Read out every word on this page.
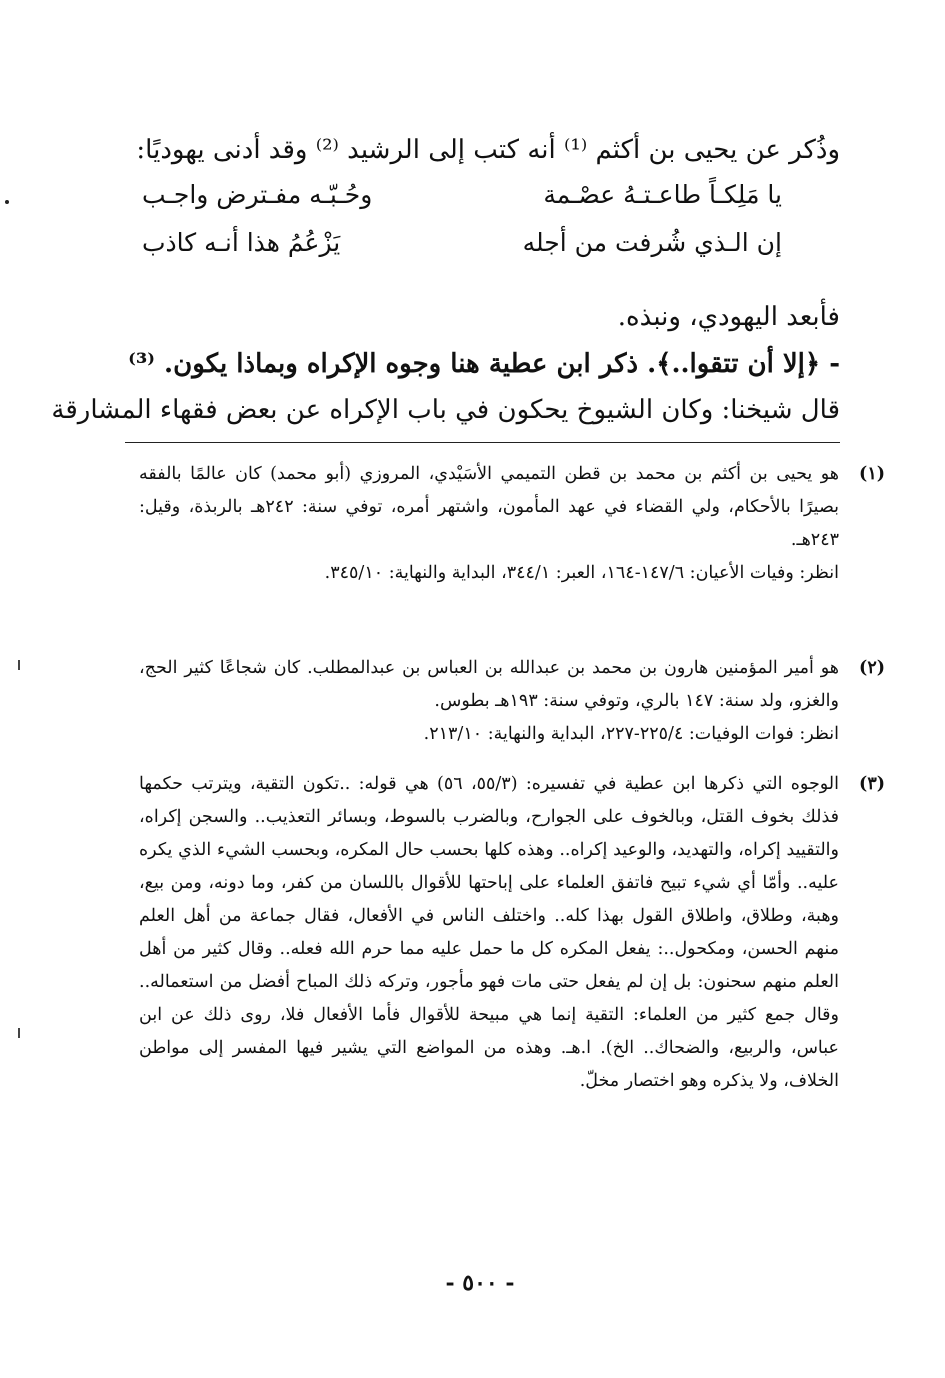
وذُكر عن يحيى بن أكثم ⁽¹⁾ أنه كتب إلى الرشيد ⁽²⁾ وقد أدنى يهوديًا:
يا مَلِكـاً طاعـتـهُ عصْـمة
وحُـبّـه مفـترض واجـب
إن الـذي شُرفت من أجله
يَزْعُمُ هذا أنـه كاذب
فأبعد اليهودي، ونبذه.
- ﴿إلا أن تتقوا..﴾. ذكر ابن عطية هنا وجوه الإكراه وبماذا يكون. ⁽³⁾
قال شيخنا: وكان الشيوخ يحكون في باب الإكراه عن بعض فقهاء المشارقة
(١)

هو يحيى بن أكثم بن محمد بن قطن التميمي الأسَيْدي، المروزي (أبو محمد) كان عالمًا بالفقه بصيرًا بالأحكام، ولي القضاء في عهد المأمون، واشتهر أمره، توفي سنة: ٢٤٢هـ بالربذة، وقيل: ٢٤٣هـ.

انظر: وفيات الأعيان: ١٤٧/٦-١٦٤، العبر: ٣٤٤/١، البداية والنهاية: ٣٤٥/١٠.

(٢)

هو أمير المؤمنين هارون بن محمد بن عبدالله بن العباس بن عبدالمطلب. كان شجاعًا كثير الحج، والغزو، ولد سنة: ١٤٧ بالري، وتوفي سنة: ١٩٣هـ بطوس.

انظر: فوات الوفيات: ٢٢٥/٤-٢٢٧، البداية والنهاية: ٢١٣/١٠.

(٣)

الوجوه التي ذكرها ابن عطية في تفسيره: (٥٥/٣، ٥٦) هي قوله: ..تكون التقية، ويترتب حكمها فذلك بخوف القتل، وبالخوف على الجوارح، وبالضرب بالسوط، وبسائر التعذيب.. والسجن إكراه، والتقييد إكراه، والتهديد، والوعيد إكراه.. وهذه كلها بحسب حال المكره، وبحسب الشيء الذي يكره عليه.. وأمّا أي شيء تبيح فاتفق العلماء على إباحتها للأقوال باللسان من كفر، وما دونه، ومن بيع، وهبة، وطلاق، واطلاق القول بهذا كله.. واختلف الناس في الأفعال، فقال جماعة من أهل العلم منهم الحسن، ومكحول..: يفعل المكره كل ما حمل عليه مما حرم الله فعله.. وقال كثير من أهل العلم منهم سحنون: بل إن لم يفعل حتى مات فهو مأجور، وتركه ذلك المباح أفضل من استعماله.. وقال جمع كثير من العلماء: التقية إنما هي مبيحة للأقوال فأما الأفعال فلا، روى ذلك عن ابن عباس، والربيع، والضحاك.. الخ). ا.هـ. وهذه من المواضع التي يشير فيها المفسر إلى مواطن الخلاف، ولا يذكره وهو اختصار مخلّ.

- ٥٠٠ -
